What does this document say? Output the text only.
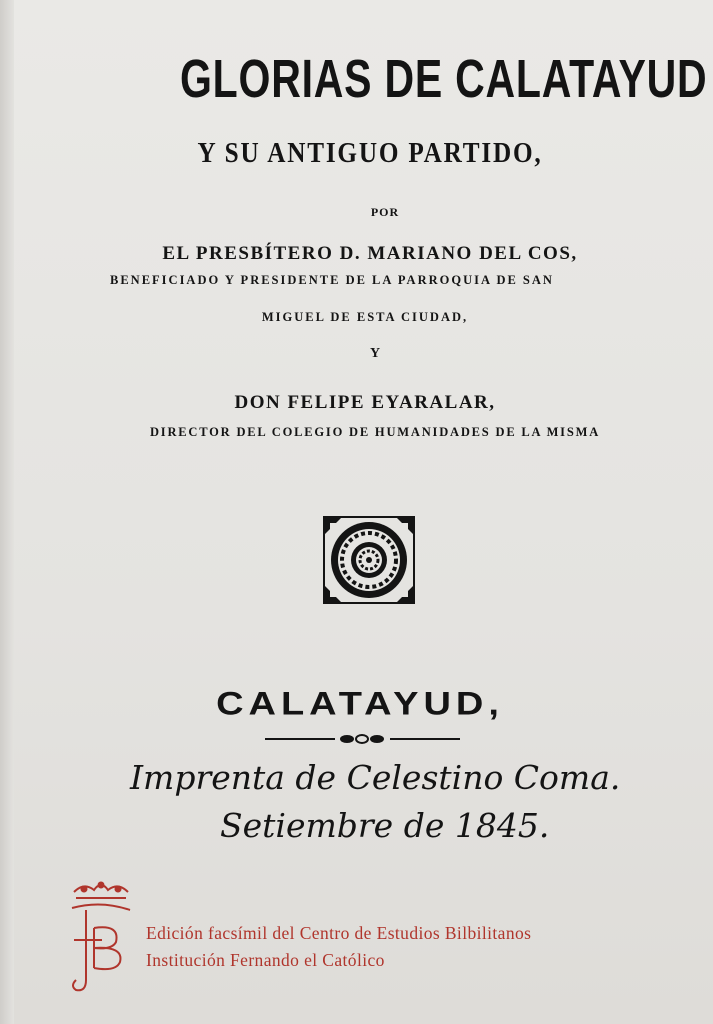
GLORIAS DE CALATAYUD
Y SU ANTIGUO PARTIDO,
POR
EL PRESBÍTERO D. MARIANO DEL COS,
BENEFICIADO Y PRESIDENTE DE LA PARROQUIA DE SAN
MIGUEL DE ESTA CIUDAD,
Y
DON FELIPE EYARALAR,
DIRECTOR DEL COLEGIO DE HUMANIDADES DE LA MISMA
CALATAYUD,
Imprenta de Celestino Coma.
Setiembre de 1845.
Edición facsímil del Centro de Estudios Bilbilitanos
Institución Fernando el Católico
